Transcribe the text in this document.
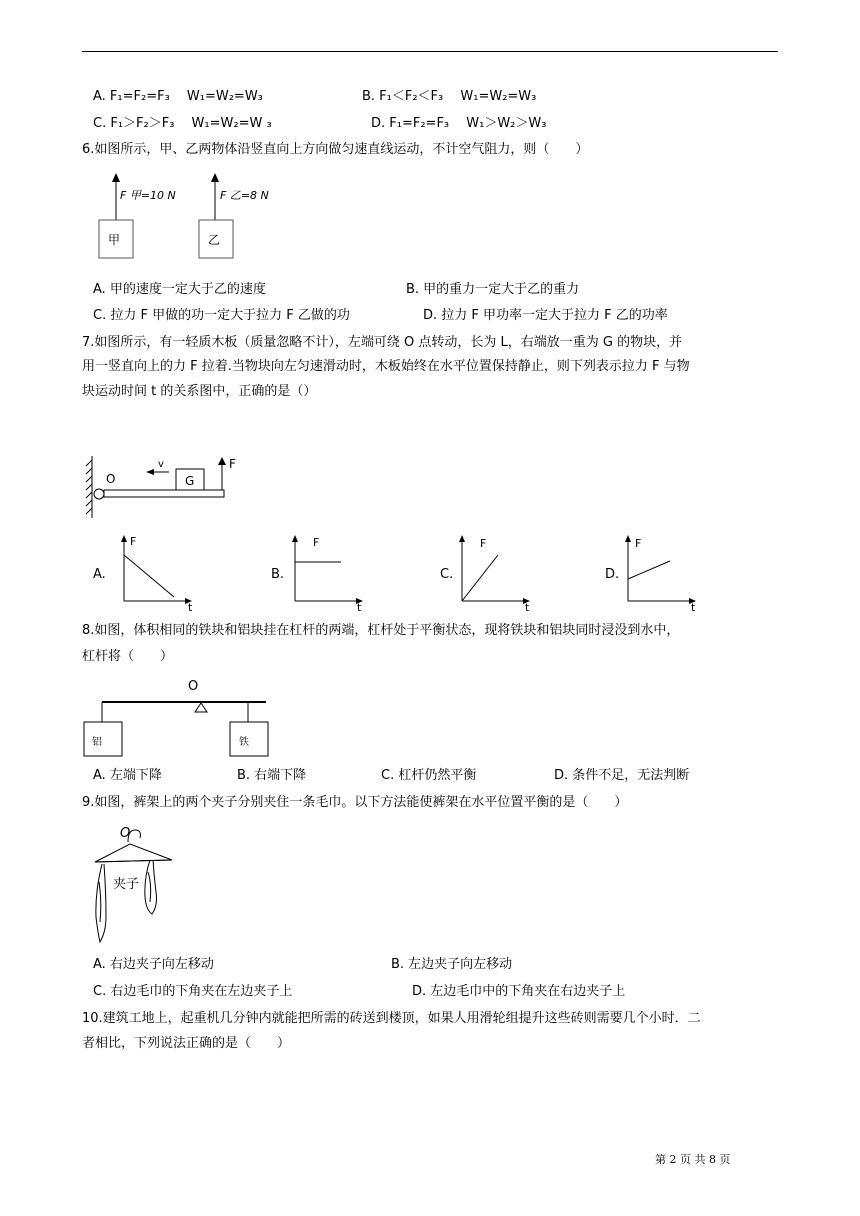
A. F₁=F₂=F₃　 W₁=W₂=W₃	B. F₁＜F₂＜F₃　 W₁=W₂=W₃
C. F₁＞F₂＞F₃　 W₁=W₂=W ₃	D. F₁=F₂=F₃　 W₁＞W₂＞W₃
6.如图所示，甲、乙两物体沿竖直向上方向做匀速直线运动，不计空气阻力，则（　　）
F 甲=10 N	F 乙=8 N
甲	乙
A. 甲的速度一定大于乙的速度	B. 甲的重力一定大于乙的重力
C. 拉力 F 甲做的功一定大于拉力 F 乙做的功	D. 拉力 F 甲功率一定大于拉力 F 乙的功率
7.如图所示，有一轻质木板（质量忽略不计），左端可绕 O 点转动，长为 L，右端放一重为 G 的物块，并
用一竖直向上的力 F 拉着.当物块向左匀速滑动时，木板始终在水平位置保持静止，则下列表示拉力 F 与物
块运动时间 t 的关系图中，正确的是（）
O
v
G
F
A.
F
t
B.
F
t
C.
F
t
D.
F
t
8.如图，体积相同的铁块和铝块挂在杠杆的两端，杠杆处于平衡状态，现将铁块和铝块同时浸没到水中，
杠杆将（　　）
O
铝	铁
A. 左端下降	B. 右端下降	C. 杠杆仍然平衡	D. 条件不足，无法判断
9.如图，裤架上的两个夹子分别夹住一条毛巾。以下方法能使裤架在水平位置平衡的是（　　）
O
夹子
A. 右边夹子向左移动	B. 左边夹子向左移动
C. 右边毛巾的下角夹在左边夹子上	D. 左边毛巾中的下角夹在右边夹子上
10.建筑工地上，起重机几分钟内就能把所需的砖送到楼顶，如果人用滑轮组提升这些砖则需要几个小时．二
者相比，下列说法正确的是（　　）
第 2 页 共 8 页
